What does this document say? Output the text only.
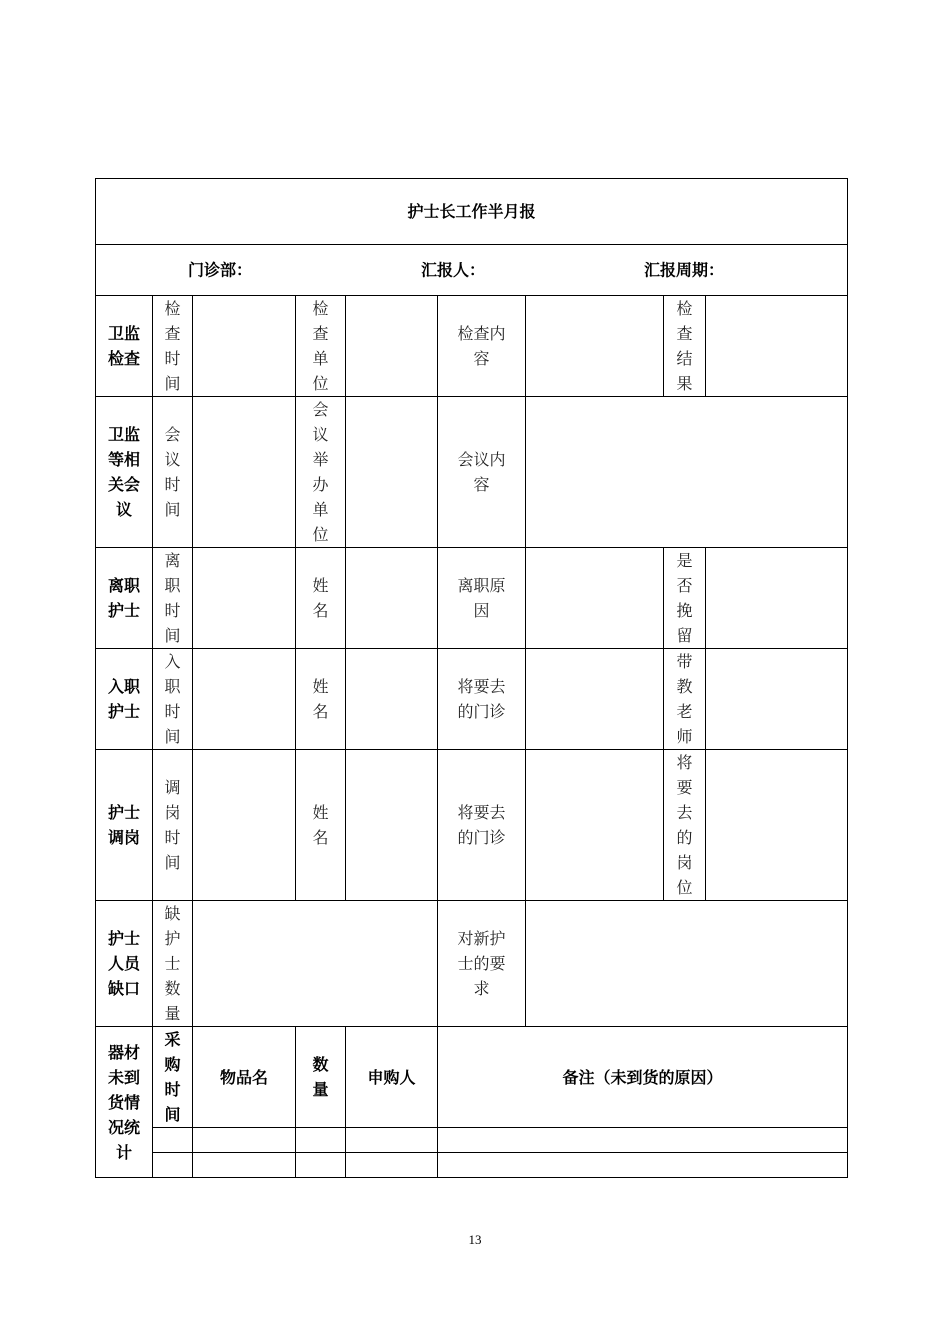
护士长工作半月报								

门诊部： 汇报人： 汇报周期：								

卫监检查	检查时间		检查单位		检查内容		检查结果	
卫监等相关会议	会议时间		会议举办单位		会议内容			
离职护士	离职时间		姓名		离职原因		是否挽留	
入职护士	入职时间		姓名		将要去的门诊		带教老师	
护士调岗	调岗时间		姓名		将要去的门诊		将要去的岗位	
护士人员缺口	缺护士数量				对新护士的要求			
器材未到货情况统计	采购时间	物品名	数量	申购人	备注（未到货的原因）			

13
